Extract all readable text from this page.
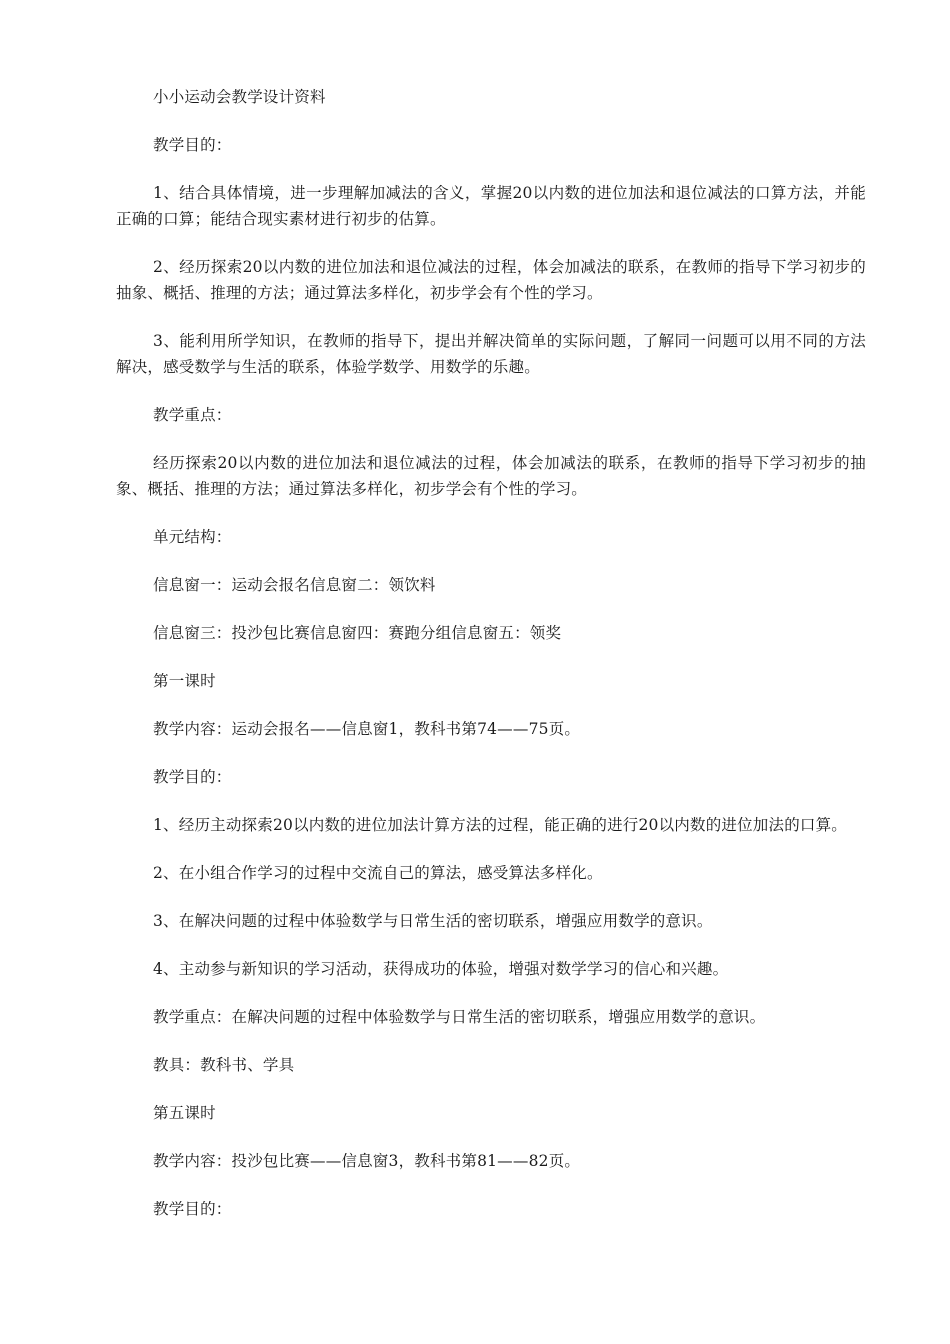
小小运动会教学设计资料

教学目的：

1、结合具体情境，进一步理解加减法的含义，掌握20以内数的进位加法和退位减法的口算方法，并能正确的口算；能结合现实素材进行初步的估算。

2、经历探索20以内数的进位加法和退位减法的过程，体会加减法的联系，在教师的指导下学习初步的抽象、概括、推理的方法；通过算法多样化，初步学会有个性的学习。

3、能利用所学知识，在教师的指导下，提出并解决简单的实际问题，了解同一问题可以用不同的方法解决，感受数学与生活的联系，体验学数学、用数学的乐趣。

教学重点：

经历探索20以内数的进位加法和退位减法的过程，体会加减法的联系，在教师的指导下学习初步的抽象、概括、推理的方法；通过算法多样化，初步学会有个性的学习。

单元结构：

信息窗一：运动会报名信息窗二：领饮料

信息窗三：投沙包比赛信息窗四：赛跑分组信息窗五：领奖

第一课时

教学内容：运动会报名——信息窗1，教科书第74——75页。

教学目的：

1、经历主动探索20以内数的进位加法计算方法的过程，能正确的进行20以内数的进位加法的口算。

2、在小组合作学习的过程中交流自己的算法，感受算法多样化。

3、在解决问题的过程中体验数学与日常生活的密切联系，增强应用数学的意识。

4、主动参与新知识的学习活动，获得成功的体验，增强对数学学习的信心和兴趣。

教学重点：在解决问题的过程中体验数学与日常生活的密切联系，增强应用数学的意识。

教具：教科书、学具

第五课时

教学内容：投沙包比赛——信息窗3，教科书第81——82页。

教学目的：
